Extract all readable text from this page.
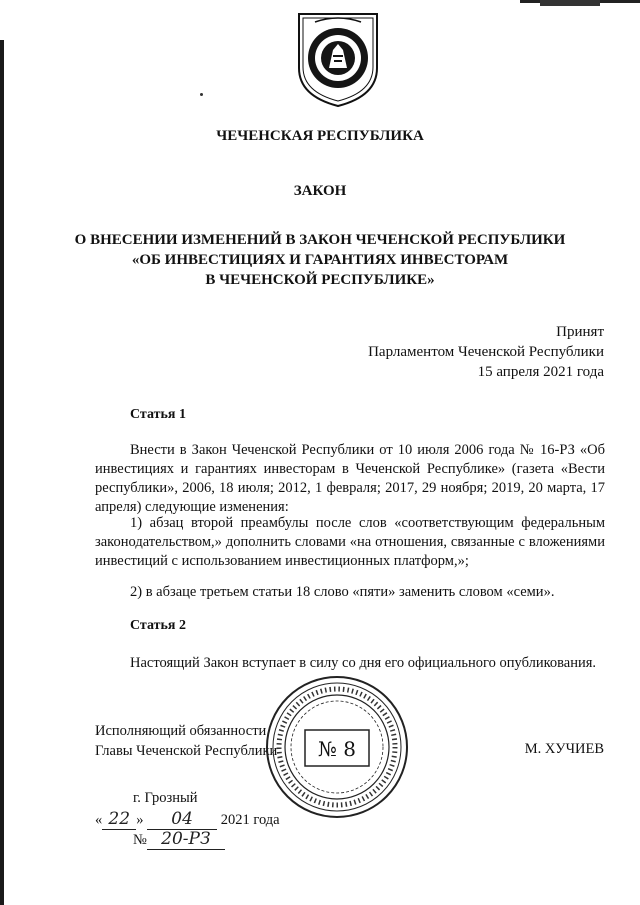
ЧЕЧЕНСКАЯ РЕСПУБЛИКА
ЗАКОН
О ВНЕСЕНИИ ИЗМЕНЕНИЙ В ЗАКОН ЧЕЧЕНСКОЙ РЕСПУБЛИКИ
«ОБ ИНВЕСТИЦИЯХ И ГАРАНТИЯХ ИНВЕСТОРАМ
В ЧЕЧЕНСКОЙ РЕСПУБЛИКЕ»
Принят
Парламентом Чеченской Республики
15 апреля 2021 года
Статья 1
Внести в Закон Чеченской Республики от 10 июля 2006 года № 16-РЗ «Об инвестициях и гарантиях инвесторам в Чеченской Республике» (газета «Вести республики», 2006, 18 июля; 2012, 1 февраля; 2017, 29 ноября; 2019, 20 марта, 17 апреля) следующие изменения:
1) абзац второй преамбулы после слов «соответствующим федеральным законодательством,» дополнить словами «на отношения, связанные с вложениями инвестиций с использованием инвестиционных платформ,»;
2) в абзаце третьем статьи 18 слово «пяти» заменить словом «семи».
Статья 2
Настоящий Закон вступает в силу со дня его официального опубликования.
Исполняющий обязанности
Главы Чеченской Республики	М. ХУЧИЕВ
№ 8
г. Грозный
« 22 » 04 2021 года
№ 20-РЗ
